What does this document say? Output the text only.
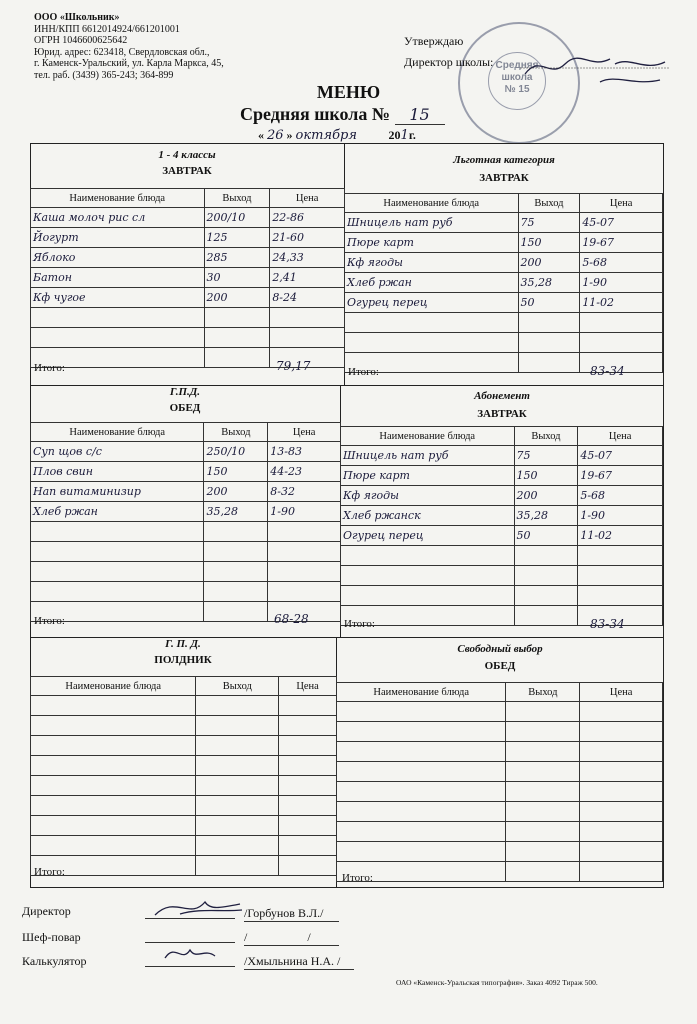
ООО «Школьник»
ИНН/КПП 6612014924/661201001
ОГРН 1046600625642
Юрид. адрес: 623418, Свердловская обл.,
г. Каменск-Уральский, ул. Карла Маркса, 45,
тел. раб. (3439) 365-243; 364-899
Средняя
школа
№ 15
Утверждаю
Директор школы:
МЕНЮ
Средняя школа № 15
« 26 » октября	201г.
1 - 4 классы
ЗАВТРАК
Льготная категория
ЗАВТРАК
Г.П.Д.
ОБЕД
Абонемент
ЗАВТРАК
Г. П. Д.
ПОЛДНИК
Свободный выбор
ОБЕД
Наименование блюда	Выход	Цена
Каша молоч рис сл	200/10	22-86
Йогурт	125	21-60
Яблоко	285	24,33
Батон	30	2,41
Кф чугое	200	8-24

Наименование блюда	Выход	Цена
Шницель нат руб	75	45-07
Пюре карт	150	19-67
Кф ягоды	200	5-68
Хлеб ржан	35,28	1-90
Огурец перец	50	11-02

Наименование блюда	Выход	Цена
Суп щов с/с	250/10	13-83
Плов свин	150	44-23
Нап витаминизир	200	8-32
Хлеб ржан	35,28	1-90

Наименование блюда	Выход	Цена
Шницель нат руб	75	45-07
Пюре карт	150	19-67
Кф ягоды	200	5-68
Хлеб ржанск	35,28	1-90
Огурец перец	50	11-02

Наименование блюда	Выход	Цена

Наименование блюда	Выход	Цена

Итого:	79,17	Итого:	83-34
Итого:	68-28	Итого:	83-34
Итого:	Итого:
Директор
Шеф-повар
Калькулятор
/Горбунов В.Л./
/                    /
/Хмыльнина Н.А. /
ОАО «Каменск-Уральская типография». Заказ 4092 Тираж 500.
